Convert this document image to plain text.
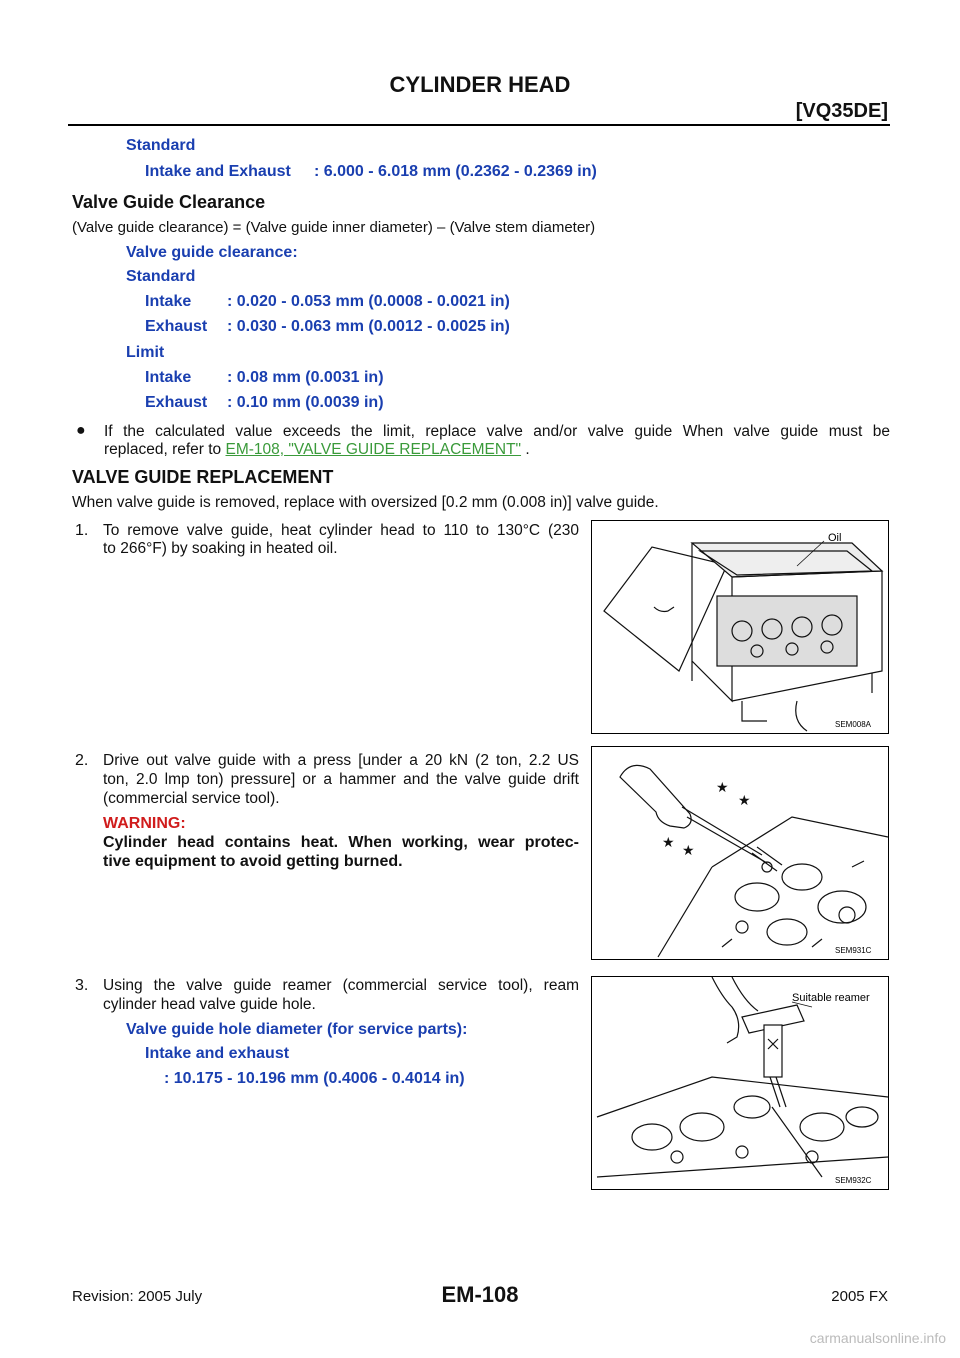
CYLINDER HEAD
[VQ35DE]
Standard
Intake and Exhaust : 6.000 - 6.018 mm (0.2362 - 0.2369 in)
Valve Guide Clearance
(Valve guide clearance) = (Valve guide inner diameter) – (Valve stem diameter)
Valve guide clearance:
Standard
Intake : 0.020 - 0.053 mm (0.0008 - 0.0021 in)
Exhaust : 0.030 - 0.063 mm (0.0012 - 0.0025 in)
Limit
Intake : 0.08 mm (0.0031 in)
Exhaust : 0.10 mm (0.0039 in)
● If the calculated value exceeds the limit, replace valve and/or valve guide When valve guide must be
replaced, refer to EM-108, "VALVE GUIDE REPLACEMENT" .
VALVE GUIDE REPLACEMENT
When valve guide is removed, replace with oversized [0.2 mm (0.008 in)] valve guide.
1. To remove valve guide, heat cylinder head to 110 to 130°C (230
to 266°F) by soaking in heated oil.
Oil
SEM008A
2. Drive out valve guide with a press [under a 20 kN (2 ton, 2.2 US
ton, 2.0 lmp ton) pressure] or a hammer and the valve guide drift
(commercial service tool).
WARNING:
Cylinder head contains heat. When working, wear protec-
tive equipment to avoid getting burned.
★
★
★ ★
SEM931C
3. Using the valve guide reamer (commercial service tool), ream
cylinder head valve guide hole.
Valve guide hole diameter (for service parts):
Intake and exhaust
: 10.175 - 10.196 mm (0.4006 - 0.4014 in)
Suitable reamer
SEM932C
Revision: 2005 July	EM-108	2005 FX
carmanualsonline.info
